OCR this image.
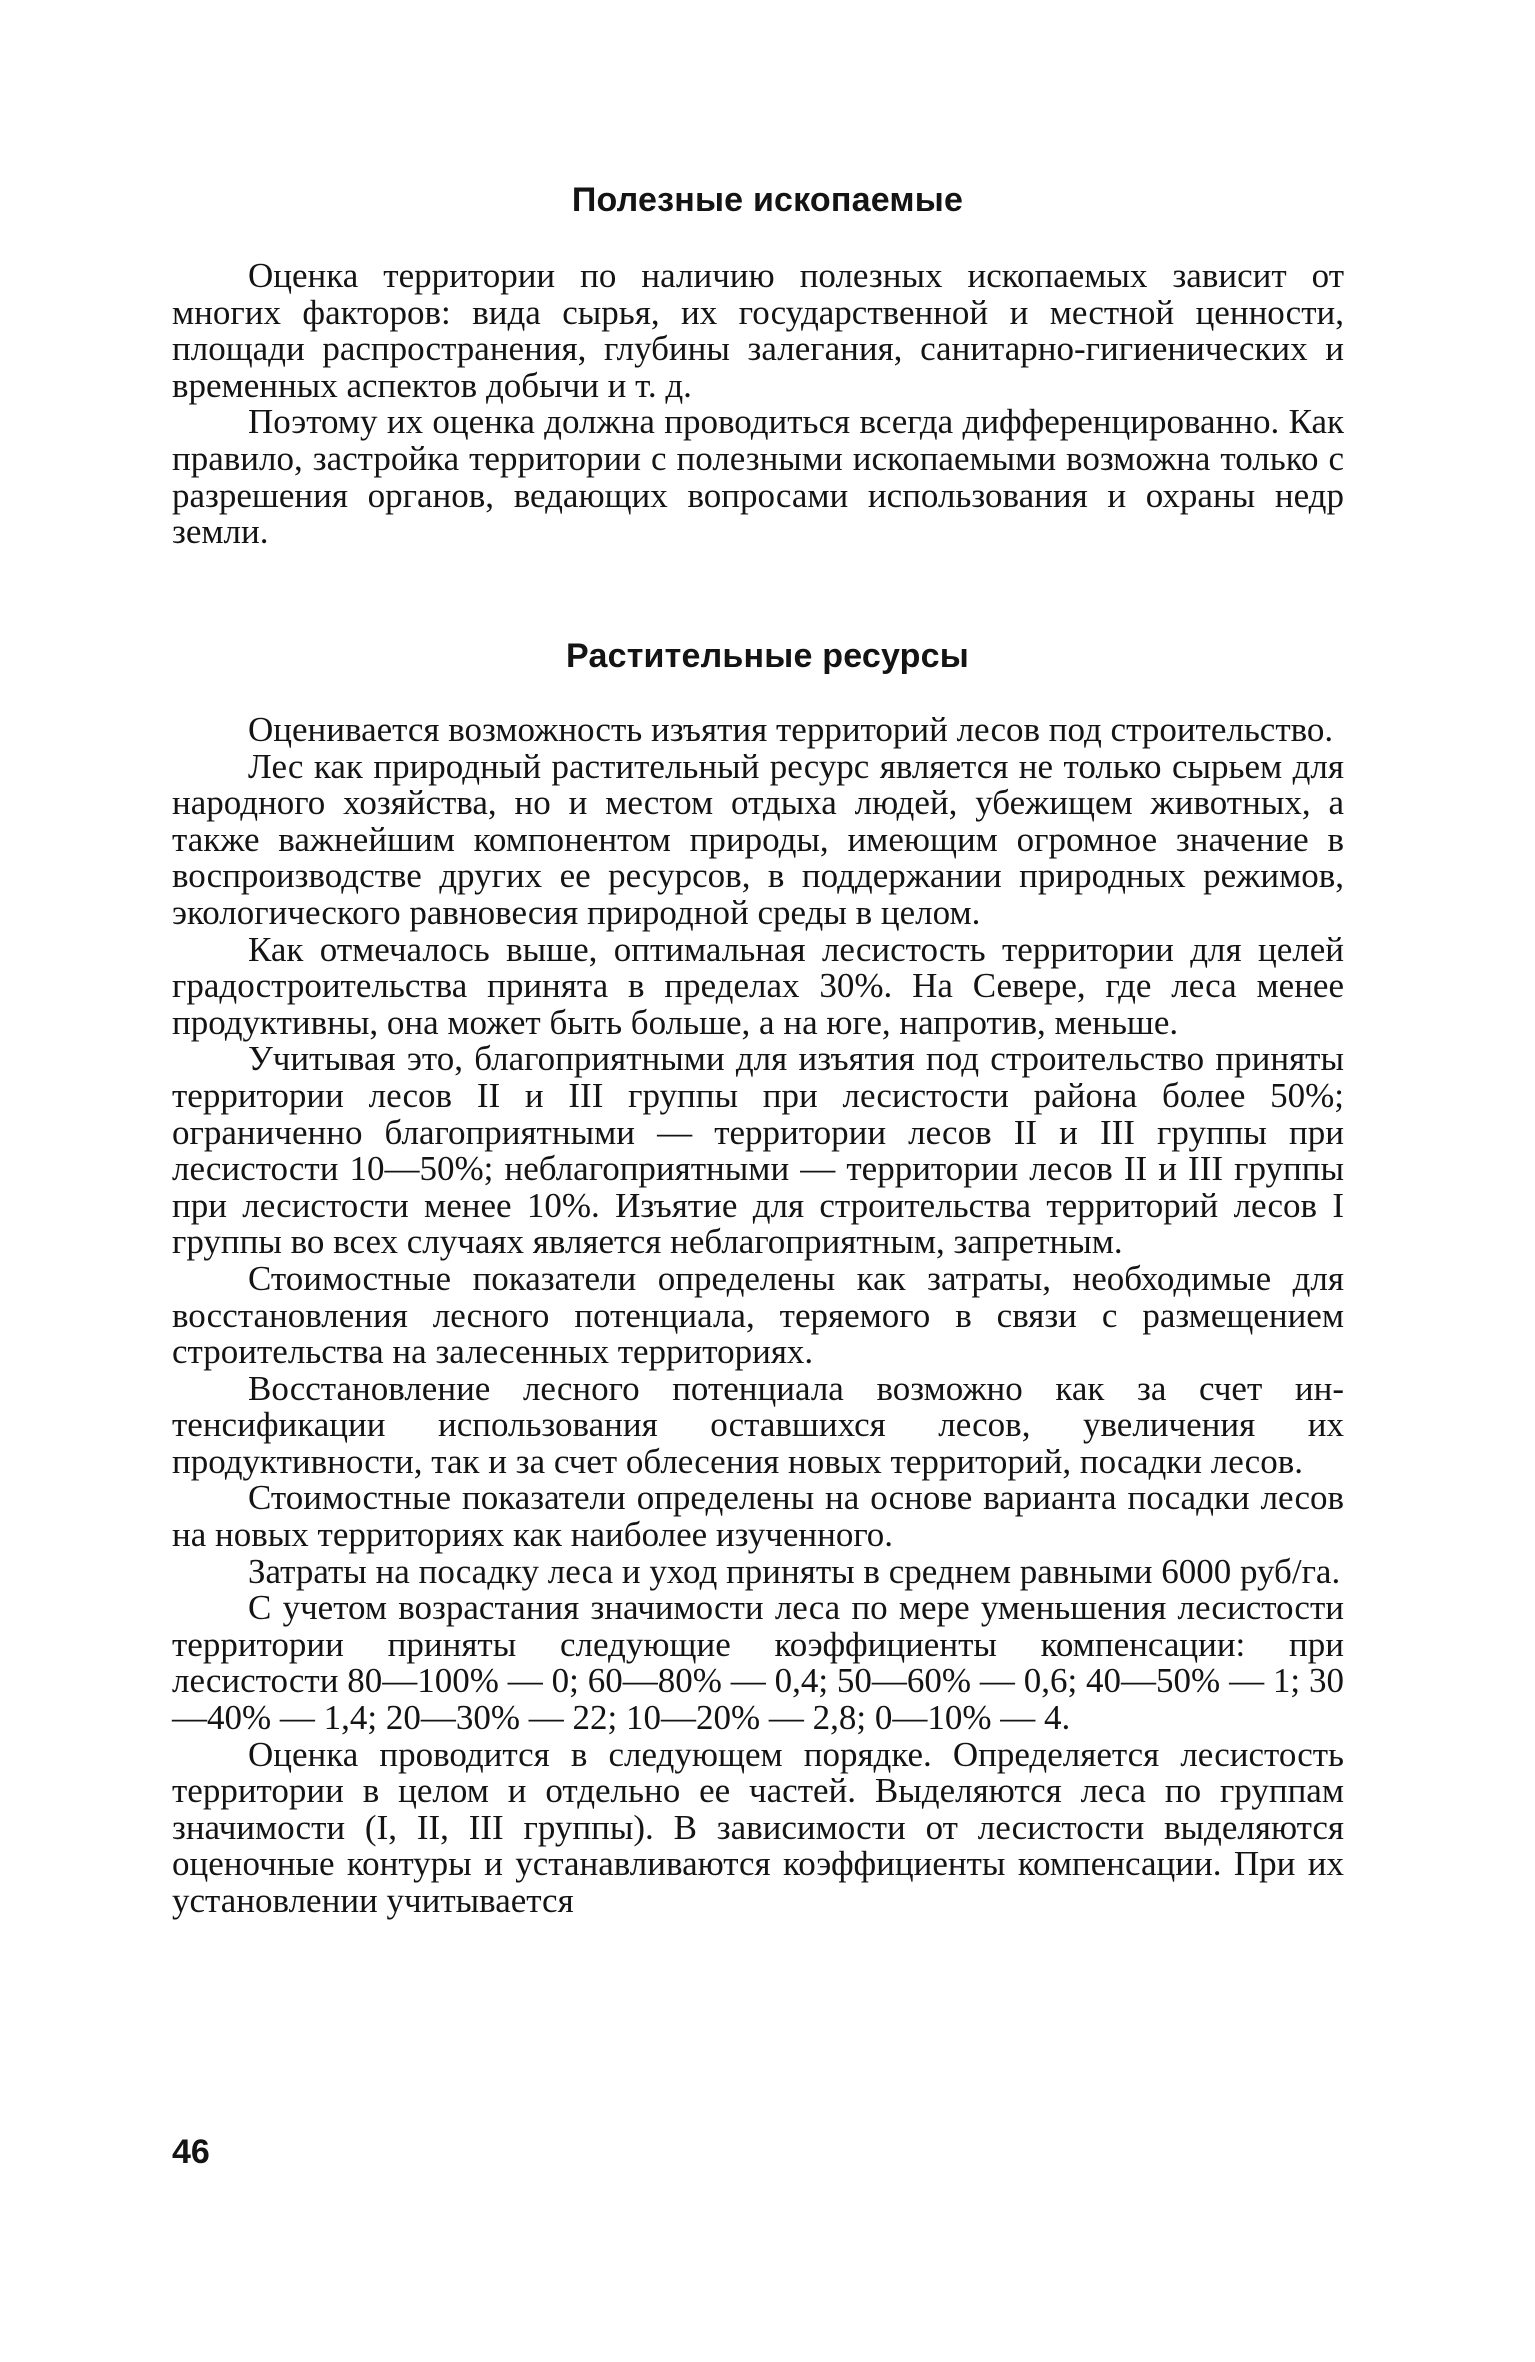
Полезные ископаемые

Оценка территории по наличию полезных ископаемых зависит от многих факторов: вида сырья, их государственной и местной ценности, площади распространения, глубины залегания, санитарно-гигиенических и временных аспектов добычи и т. д.

Поэтому их оценка должна проводиться всегда дифференцированно. Как правило, застройка территории с полезными ископаемыми возможна только с разрешения органов, ведающих вопросами использования и охраны недр земли.

Растительные ресурсы

Оценивается возможность изъятия территорий лесов под строительство.

Лес как природный растительный ресурс является не только сырьем для народного хозяйства, но и местом отдыха людей, убежищем животных, а также важнейшим компонентом природы, имеющим огромное значение в воспроизводстве других ее ресурсов, в поддержании природных режимов, экологического равновесия природной среды в целом.

Как отмечалось выше, оптимальная лесистость территории для целей градостроительства принята в пределах 30%. На Севере, где леса менее продуктивны, она может быть больше, а на юге, напротив, меньше.

Учитывая это, благоприятными для изъятия под строительство приняты территории лесов II и III группы при лесистости района более 50%; ограниченно благоприятными — территории лесов II и III группы при лесистости 10—50%; неблагоприятными — территории лесов II и III группы при лесистости менее 10%. Изъятие для строительства территорий лесов I группы во всех случаях является неблагоприятным, запретным.

Стоимостные показатели определены как затраты, необходимые для восстановления лесного потенциала, теряемого в связи с размещением строительства на залесенных территориях.

Восстановление лесного потенциала возможно как за счет интенсификации использования оставшихся лесов, увеличения их продуктивности, так и за счет облесения новых территорий, посадки лесов.

Стоимостные показатели определены на основе варианта посадки лесов на новых территориях как наиболее изученного.

Затраты на посадку леса и уход приняты в среднем равными 6000 руб/га.

С учетом возрастания значимости леса по мере уменьшения лесистости территории приняты следующие коэффициенты компенсации: при лесистости 80—100% — 0; 60—80% — 0,4; 50—60% — 0,6; 40—50% — 1; 30—40% — 1,4; 20—30% — 22; 10—20% — 2,8; 0—10% — 4.

Оценка проводится в следующем порядке. Определяется лесистость территории в целом и отдельно ее частей. Выделяются леса по группам значимости (I, II, III группы). В зависимости от лесистости выделяются оценочные контуры и устанавливаются коэффициенты компенсации. При их установлении учитывается

46
